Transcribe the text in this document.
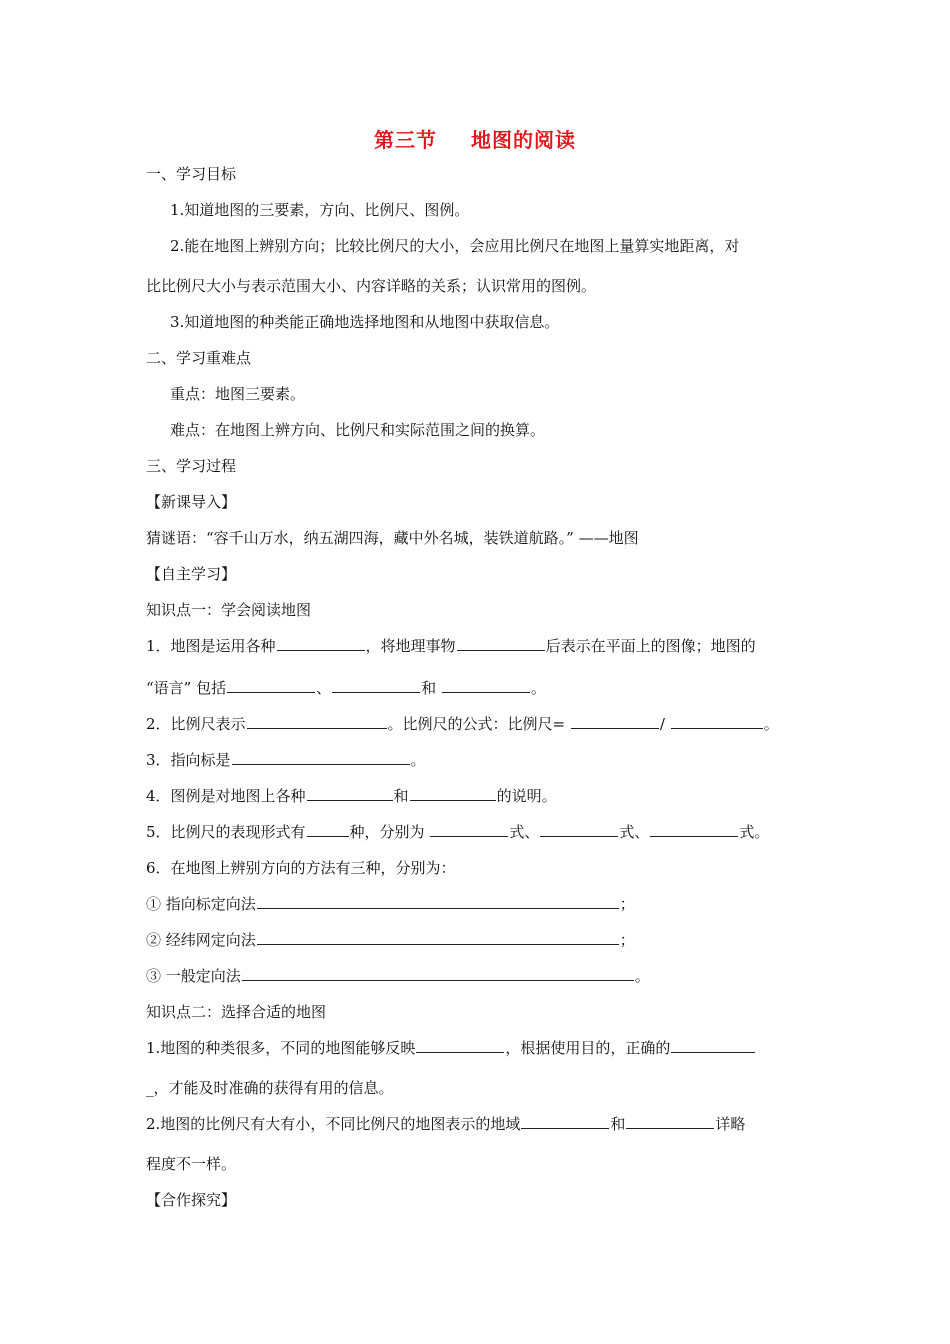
第三节 地图的阅读
一、学习目标
1.知道地图的三要素，方向、比例尺、图例。
2.能在地图上辨别方向；比较比例尺的大小，会应用比例尺在地图上量算实地距离，对
比比例尺大小与表示范围大小、内容详略的关系；认识常用的图例。
3.知道地图的种类能正确地选择地图和从地图中获取信息。
二、学习重难点
重点：地图三要素。
难点：在地图上辨方向、比例尺和实际范围之间的换算。
三、学习过程
【新课导入】
猜谜语：“容千山万水，纳五湖四海，藏中外名城，装铁道航路。” ——地图
【自主学习】
知识点一：学会阅读地图
1．地图是运用各种	，将地理事物	后表示在平面上的图像；地图的
“语言” 包括	、	和	。
2．比例尺表示	。比例尺的公式：比例尺=	/	。
3．指向标是	。
4．图例是对地图上各种	和	的说明。
5．比例尺的表现形式有	种，分别为	式、	式、	式。
6．在地图上辨别方向的方法有三种，分别为：
① 指向标定向法	；
② 经纬网定向法	；
③ 一般定向法	。
知识点二：选择合适的地图
1.地图的种类很多，不同的地图能够反映	，根据使用目的，正确的
_，才能及时准确的获得有用的信息。
2.地图的比例尺有大有小，不同比例尺的地图表示的地域	和	详略
程度不一样。
【合作探究】
